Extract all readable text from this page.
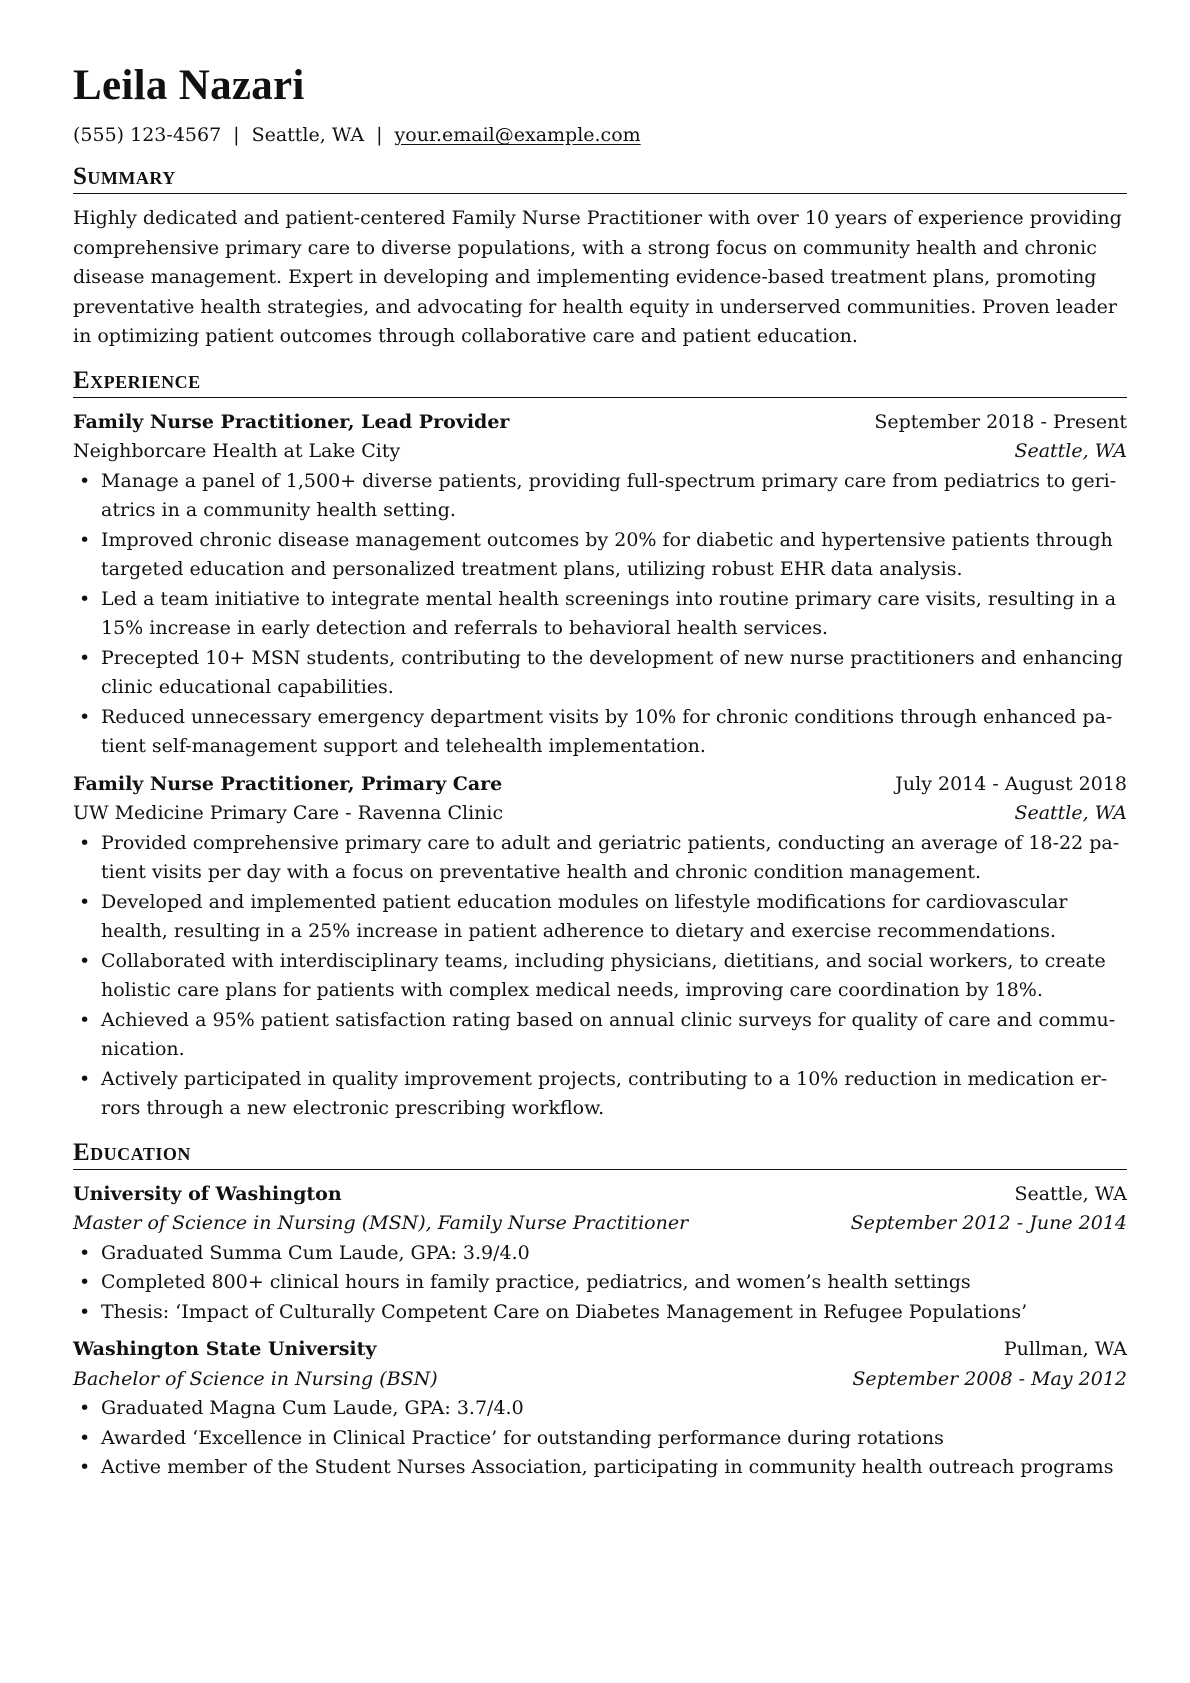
Leila Nazari
(555) 123-4567 | Seattle, WA | your.email@example.com
Summary

Highly dedicated and patient-centered Family Nurse Practitioner with over 10 years of experience providing comprehensive primary care to diverse populations, with a strong focus on community health and chronic disease management. Expert in developing and implementing evidence-based treatment plans, promoting preventative health strategies, and advocating for health equity in underserved communities. Proven leader in optimizing patient outcomes through collaborative care and patient education.

Experience
Family Nurse Practitioner, Lead Provider	September 2018 - Present
Neighborcare Health at Lake City	Seattle, WA
• Manage a panel of 1,500+ diverse patients, providing full-spectrum primary care from pediatrics to geriatrics in a community health setting.
• Improved chronic disease management outcomes by 20% for diabetic and hypertensive patients through targeted education and personalized treatment plans, utilizing robust EHR data analysis.
• Led a team initiative to integrate mental health screenings into routine primary care visits, resulting in a 15% increase in early detection and referrals to behavioral health services.
• Precepted 10+ MSN students, contributing to the development of new nurse practitioners and enhancing clinic educational capabilities.
• Reduced unnecessary emergency department visits by 10% for chronic conditions through enhanced patient self-management support and telehealth implementation.
Family Nurse Practitioner, Primary Care	July 2014 - August 2018
UW Medicine Primary Care - Ravenna Clinic	Seattle, WA
• Provided comprehensive primary care to adult and geriatric patients, conducting an average of 18-22 patient visits per day with a focus on preventative health and chronic condition management.
• Developed and implemented patient education modules on lifestyle modifications for cardiovascular health, resulting in a 25% increase in patient adherence to dietary and exercise recommendations.
• Collaborated with interdisciplinary teams, including physicians, dietitians, and social workers, to create holistic care plans for patients with complex medical needs, improving care coordination by 18%.
• Achieved a 95% patient satisfaction rating based on annual clinic surveys for quality of care and communication.
• Actively participated in quality improvement projects, contributing to a 10% reduction in medication errors through a new electronic prescribing workflow.
Education
University of Washington	Seattle, WA
Master of Science in Nursing (MSN), Family Nurse Practitioner	September 2012 - June 2014
• Graduated Summa Cum Laude, GPA: 3.9/4.0
• Completed 800+ clinical hours in family practice, pediatrics, and women’s health settings
• Thesis: ‘Impact of Culturally Competent Care on Diabetes Management in Refugee Populations’
Washington State University	Pullman, WA
Bachelor of Science in Nursing (BSN)	September 2008 - May 2012
• Graduated Magna Cum Laude, GPA: 3.7/4.0
• Awarded ‘Excellence in Clinical Practice’ for outstanding performance during rotations
• Active member of the Student Nurses Association, participating in community health outreach programs
